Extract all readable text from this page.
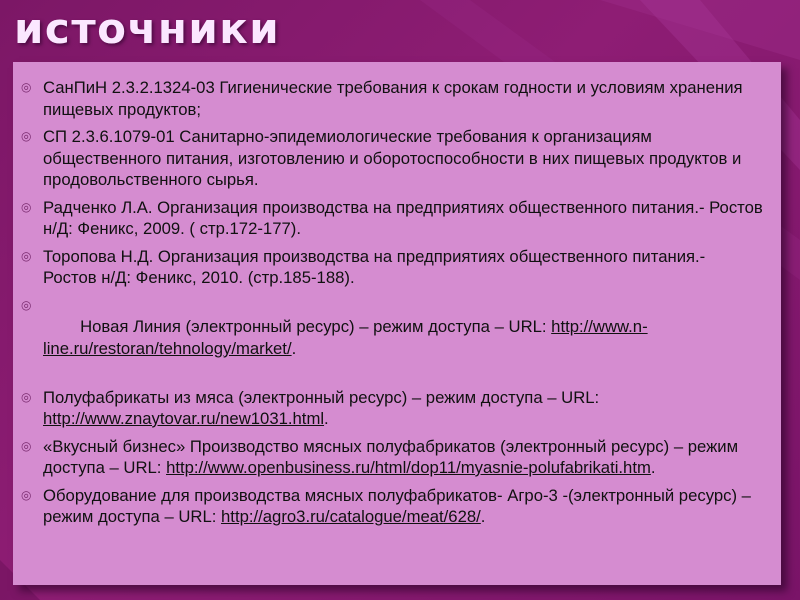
источники
◎ СанПиН 2.3.2.1324-03 Гигиенические требования к срокам годности и условиям хранения пищевых продуктов;
◎ СП 2.3.6.1079-01 Санитарно-эпидемиологические требования к организациям общественного питания, изготовлению и оборотоспособности в них пищевых продуктов и продовольственного сырья.
◎ Радченко Л.А. Организация производства на предприятиях общественного питания.- Ростов н/Д: Феникс, 2009. ( стр.172-177).
◎ Торопова Н.Д. Организация производства на предприятиях общественного питания.- Ростов н/Д: Феникс, 2010. (стр.185-188).

◎
Новая Линия (электронный ресурс) – режим доступа – URL: http://www.n-line.ru/restoran/tehnology/market/.

◎ Полуфабрикаты из мяса (электронный ресурс) – режим доступа – URL: http://www.znaytovar.ru/new1031.html.
◎ «Вкусный бизнес» Производство мясных полуфабрикатов (электронный ресурс) – режим доступа – URL: http://www.openbusiness.ru/html/dop11/myasnie-polufabrikati.htm.
◎ Оборудование для производства мясных полуфабрикатов- Агро-3 -(электронный ресурс) – режим доступа – URL: http://agro3.ru/catalogue/meat/628/.
